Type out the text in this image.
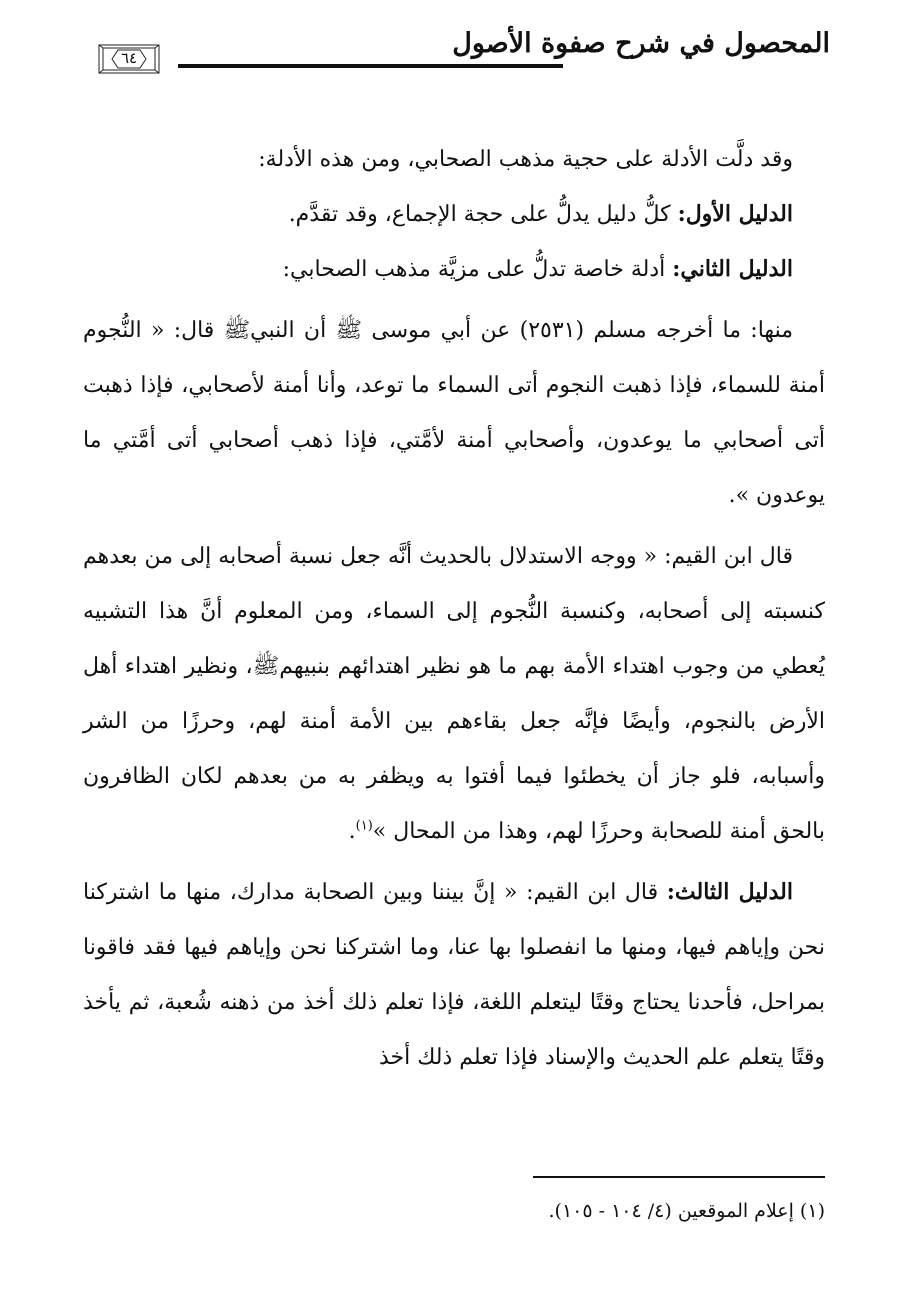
المحصول في شرح صفوة الأصول
٦٤

وقد دلَّت الأدلة على حجية مذهب الصحابي، ومن هذه الأدلة:

الدليل الأول: كلُّ دليل يدلُّ على حجة الإجماع، وقد تقدَّم.

الدليل الثاني: أدلة خاصة تدلُّ على مزيَّة مذهب الصحابي:

منها: ما أخرجه مسلم (٢٥٣١) عن أبي موسى ﷺ أن النبيﷺ قال: « النُّجوم أمنة للسماء، فإذا ذهبت النجوم أتى السماء ما توعد، وأنا أمنة لأصحابي، فإذا ذهبت أتى أصحابي ما يوعدون، وأصحابي أمنة لأمَّتي، فإذا ذهب أصحابي أتى أمَّتي ما يوعدون ».

قال ابن القيم: « ووجه الاستدلال بالحديث أنَّه جعل نسبة أصحابه إلى من بعدهم كنسبته إلى أصحابه، وكنسبة النُّجوم إلى السماء، ومن المعلوم أنَّ هذا التشبيه يُعطي من وجوب اهتداء الأمة بهم ما هو نظير اهتدائهم بنبيهمﷺ، ونظير اهتداء أهل الأرض بالنجوم، وأيضًا فإنَّه جعل بقاءهم بين الأمة أمنة لهم، وحرزًا من الشر وأسبابه، فلو جاز أن يخطئوا فيما أفتوا به ويظفر به من بعدهم لكان الظافرون بالحق أمنة للصحابة وحرزًا لهم، وهذا من المحال »$^{(١)}$.

الدليل الثالث: قال ابن القيم: « إنَّ بيننا وبين الصحابة مدارك، منها ما اشتركنا نحن وإياهم فيها، ومنها ما انفصلوا بها عنا، وما اشتركنا نحن وإياهم فيها فقد فاقونا بمراحل، فأحدنا يحتاج وقتًا ليتعلم اللغة، فإذا تعلم ذلك أخذ من ذهنه شُعبة، ثم يأخذ وقتًا يتعلم علم الحديث والإسناد فإذا تعلم ذلك أخذ

(١) إعلام الموقعين (٤/ ١٠٤ - ١٠٥).
